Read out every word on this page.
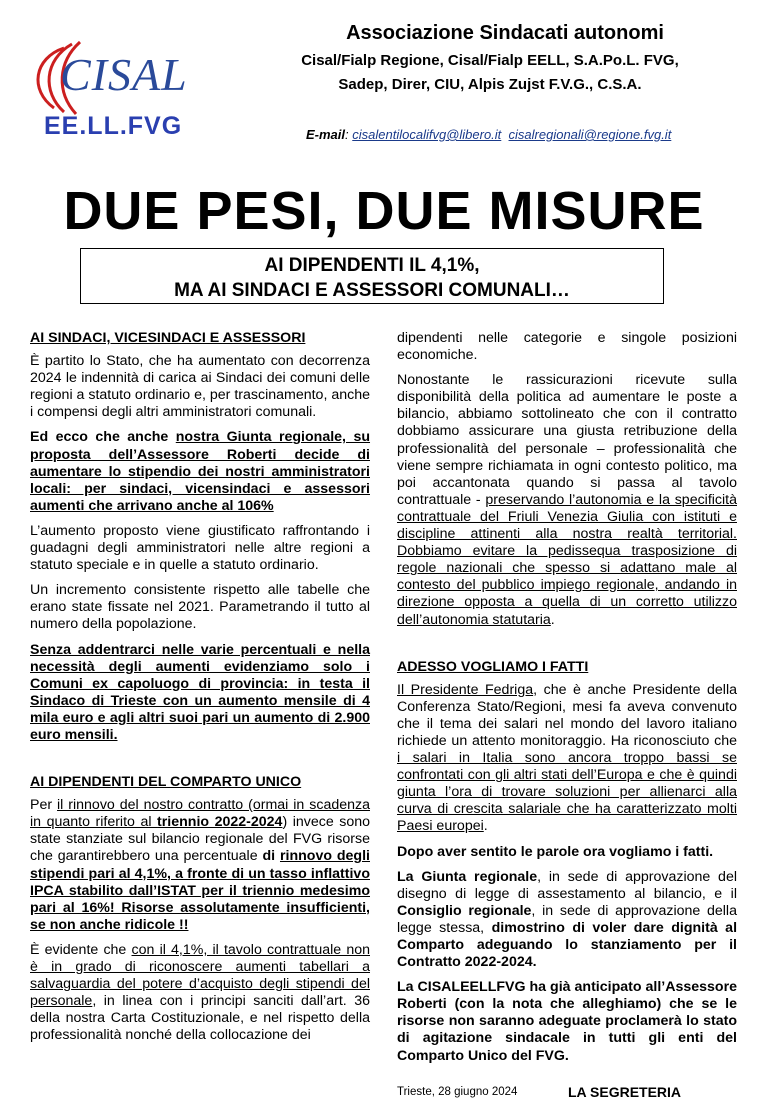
CISAL
EE.LL.FVG
Associazione Sindacati autonomi
Cisal/Fialp Regione, Cisal/Fialp EELL, S.A.Po.L. FVG,
Sadep, Direr, CIU, Alpis Zujst F.V.G., C.S.A.
E-mail: cisalentilocalifvg@libero.it cisalregionali@regione.fvg.it
DUE PESI, DUE MISURE
AI DIPENDENTI IL 4,1%,
MA AI SINDACI E ASSESSORI COMUNALI…
AI SINDACI, VICESINDACI E ASSESSORI

È partito lo Stato, che ha aumentato con decorrenza 2024 le indennità di carica ai Sindaci dei comuni delle regioni a statuto ordinario e, per trascinamento, anche i compensi degli altri amministratori comunali.

Ed ecco che anche nostra Giunta regionale, su proposta dell’Assessore Roberti decide di aumentare lo stipendio dei nostri amministratori locali: per sindaci, vicensindaci e assessori aumenti che arrivano anche al 106%

L’aumento proposto viene giustificato raffrontando i guadagni degli amministratori nelle altre regioni a statuto speciale e in quelle a statuto ordinario.

Un incremento consistente rispetto alle tabelle che erano state fissate nel 2021. Parametrando il tutto al numero della popolazione.

Senza addentrarci nelle varie percentuali e nella necessità degli aumenti evidenziamo solo i Comuni ex capoluogo di provincia: in testa il Sindaco di Trieste con un aumento mensile di 4 mila euro e agli altri suoi pari un aumento di 2.900 euro mensili.

AI DIPENDENTI DEL COMPARTO UNICO

Per il rinnovo del nostro contratto (ormai in scadenza in quanto riferito al triennio 2022-2024) invece sono state stanziate sul bilancio regionale del FVG risorse che garantirebbero una percentuale di rinnovo degli stipendi pari al 4,1%, a fronte di un tasso inflattivo IPCA stabilito dall’ISTAT per il triennio medesimo pari al 16%! Risorse assolutamente insufficienti, se non anche ridicole !!

È evidente che con il 4,1%, il tavolo contrattuale non è in grado di riconoscere aumenti tabellari a salvaguardia del potere d’acquisto degli stipendi del personale, in linea con i principi sanciti dall’art. 36 della nostra Carta Costituzionale, e nel rispetto della professionalità nonché della collocazione dei

dipendenti nelle categorie e singole posizioni economiche.

Nonostante le rassicurazioni ricevute sulla disponibilità della politica ad aumentare le poste a bilancio, abbiamo sottolineato che con il contratto dobbiamo assicurare una giusta retribuzione della professionalità del personale – professionalità che viene sempre richiamata in ogni contesto politico, ma poi accantonata quando si passa al tavolo contrattuale - preservando l’autonomia e la specificità contrattuale del Friuli Venezia Giulia con istituti e discipline attinenti alla nostra realtà territorial. Dobbiamo evitare la pedissequa trasposizione di regole nazionali che spesso si adattano male al contesto del pubblico impiego regionale, andando in direzione opposta a quella di un corretto utilizzo dell’autonomia statutaria.

ADESSO VOGLIAMO I FATTI

Il Presidente Fedriga, che è anche Presidente della Conferenza Stato/Regioni, mesi fa aveva convenuto che il tema dei salari nel mondo del lavoro italiano richiede un attento monitoraggio. Ha riconosciuto che i salari in Italia sono ancora troppo bassi se confrontati con gli altri stati dell’Europa e che è quindi giunta l’ora di trovare soluzioni per allienarci alla curva di crescita salariale che ha caratterizzato molti Paesi europei.

Dopo aver sentito le parole ora vogliamo i fatti.

La Giunta regionale, in sede di approvazione del disegno di legge di assestamento al bilancio, e il Consiglio regionale, in sede di approvazione della legge stessa, dimostrino di voler dare dignità al Comparto adeguando lo stanziamento per il Contratto 2022-2024.

La CISALEELLFVG ha già anticipato all’Assessore Roberti (con la nota che alleghiamo) che se le risorse non saranno adeguate proclamerà lo stato di agitazione sindacale in tutti gli enti del Comparto Unico del FVG.

Trieste, 28 giugno 2024	LA SEGRETERIA
